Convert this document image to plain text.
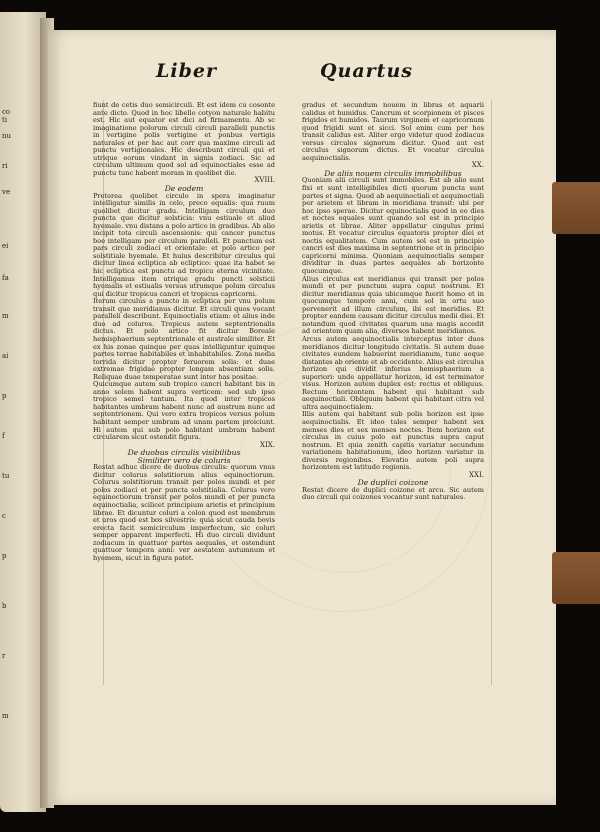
co
ti
nu
ri
ve
ei
fa
m
ai
p
f
tu
c
p
b
r
m
Liber	Quartus

fiunt de cetis duo semicirculi. Et est idem cu cosonte ante dicto. Quod in hoc libello cotyon naturale habitu est. Hic aut equator est dici ad firmamentu. Ab sc imaginatione polorum circuli circuli paralleli punctis in vertigine polis vertigine et ponbus vertigis naturales et per hac aut corr qua maxime circuli ad punctu vertigionales. Hic describunt circuli qui et utrique eorum vindant in signis zodiaci. Sic ad circulum ultimum quod sol ad equinoctiales esse ad punctu tunc habent moram in quolibet die.

XVIII.

De eodem

Preterea quolibet circulo in spera imaginatur intelligatur similis in celo, preco equalis: qua ruum quolibet dicitur gradu. Intelligam circulum duo puncta que dicitur solsticia: vnu estiuale et aliud hyemale. vnu distans a polo artico in gradibus. Ab alio incipit tota circuli ascensionis: qui cancer punctus boe intelligam per circulum paralleli. Et punctum est pars circuli zodiaci et orientale: et polo artico per solstitiale hyemale. Et huius describitur circulus qui dicitur linea ecliptica ab ecliptico: quae ita habet se hic ecliptica est punctu ad tropicu eterna vicinitate. Intelligamus item utrique gradu puncti solsticii hyemalis et estiualis versus utrumque polum circulus qui dicitur tropicus cancri et tropicus capricorni.

Iterum circulus a puncto in ecliptica per vnu polum transit que meridianus dicitur. Et circuli quos vocant paralleli describunt. Equinoctialis etiam: et alius inde duo ad coluros. Tropicus autem septentrionalis dictus. Et polo artico fit dicitur Boreale hemisphaerium septentrionale et australe similiter. Et ex his zonae quinque per quas intelliguntur quinque partes terrae habitabiles et inhabitabiles. Zona media torrida dicitur propter feruorem solis: et duae extremae frigidae propter longam absentiam solis. Reliquae duae temperatae sunt inter has positae.

Quicumque autem sub tropico cancri habitant bis in anno solem habent supra verticem: sed sub ipso tropico semel tantum. Ita quod inter tropicos habitantes umbram habent nunc ad austrum nunc ad septentrionem. Qui vero extra tropicos versus polum habitant semper umbram ad unam partem proiciunt. Hi autem qui sub polo habitant umbram habent circularem sicut ostendit figura.

XIX.

De duobus circulis visibilibus

Similiter vero de coluris

Restat adhuc dicere de duobus circulis: quorum vnus dicitur colurus solstitiorum alius equinoctiorum. Colurus solstitiorum transit per polos mundi et per polos zodiaci et per puncta solstitialia. Colurus vero equinoctiorum transit per polos mundi et per puncta equinoctialia, scilicet principium arietis et principium librae. Et dicuntur coluri a colon quod est membrum et uros quod est bos silvestris: quia sicut cauda bovis erecta facit semicirculum imperfectum, sic coluri semper apparent imperfecti. Hi duo circuli dividunt zodiacum in quattuor partes aequales, et ostendunt quattuor tempora anni: ver aestatem autumnum et hyemem, sicut in figura patet.

gradus et secundum nouem in libras et aquarii calidus et humidus. Cancrum et scorpionem et pisces frigidos et humidos. Taurum virginem et capricornum quod frigidi sunt et sicci. Sol enim cum per hos transit calidus est. Aliter ergo videtur quod zodiacus versus circulos signorum dicitur. Quod aut est circulus signorum dictus. Et vocatur circulus aequinoctialis.

XX.

De aliis nouem circulis immobilibus

Quoniam alii circuli sunt immobiles. Est ab alio sunt fixi et sunt intelligibiles dicti quorum puncta sunt partes et signa. Quod ab aequinoctiali et aequinoctiali per arietem et libram in meridiana transit: ubi per hoc ipso sperae. Dicitur equinoctialis quod in eo dies et noctes equales sunt quando sol est in principio arietis et librae. Aliter appellatur cingulus primi motus. Et vocatur circulus equatoris propter diei et noctis equalitatem. Cum autem sol est in principio cancri est dies maxima in septentrione et in principio capricorni minima. Quoniam aequinoctialis semper dividitur in duas partes aequales ab horizonte quocumque.

Alius circulus est meridianus qui transit per polos mundi et per punctum supra caput nostrum. Et dicitur meridianus quia ubicumque fuerit homo et in quocumque tempore anni, cum sol in ortu suo pervenerit ad illum circulum, ibi est meridies. Et propter eandem causam dicitur circulus medii diei. Et notandum quod civitates quarum una magis accedit ad orientem quam alia, diversos habent meridianos.

Arcus autem aequinoctialis interceptus inter duos meridianos dicitur longitudo civitatis. Si autem duae civitates eundem habuerint meridianum, tunc aeque distantes ab oriente et ab occidente. Alius est circulus horizon qui dividit inferius hemisphaerium a superiori: unde appellatur horizon, id est terminator visus. Horizon autem duplex est: rectus et obliquus. Rectum horizontem habent qui habitant sub aequinoctiali. Obliquum habent qui habitant citra vel ultra aequinoctialem.

Illis autem qui habitant sub polis horizon est ipse aequinoctialis. Et ideo tales semper habent sex menses dies et sex menses noctes. Item horizon est circulus in cuius polo est punctus supra caput nostrum. Et quia zenith capitis variatur secundum variationem habitationum, ideo horizon variatur in diversis regionibus. Elevatio autem poli supra horizontem est latitudo regionis.

XXI.

De duplici coizone

Restat dicere de duplici coizone et arcu. Sic autem duo circuli qui coizones vocantur sunt naturales.
